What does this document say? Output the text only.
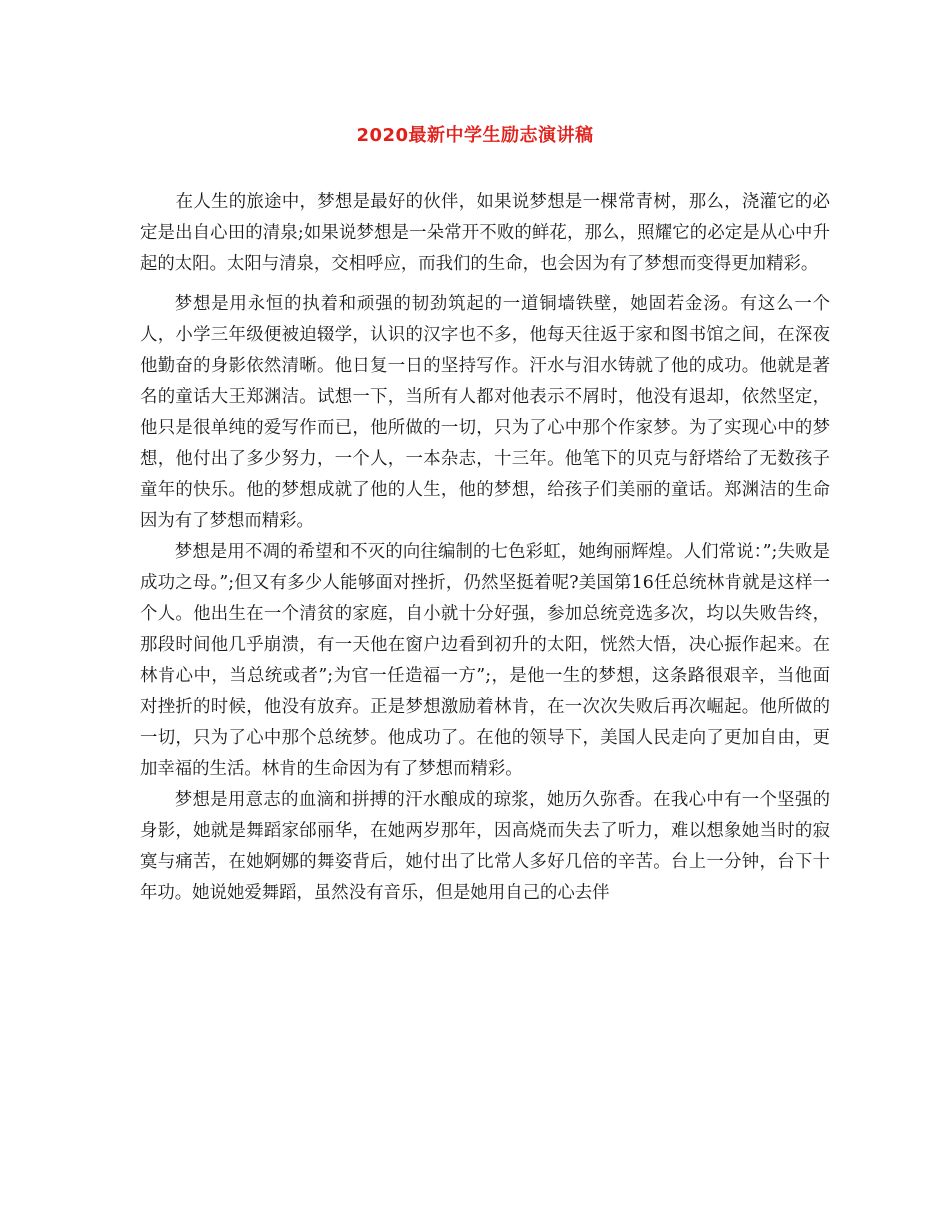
2020最新中学生励志演讲稿

在人生的旅途中，梦想是最好的伙伴，如果说梦想是一棵常青树，那么，浇灌它的必定是出自心田的清泉;如果说梦想是一朵常开不败的鲜花，那么，照耀它的必定是从心中升起的太阳。太阳与清泉，交相呼应，而我们的生命，也会因为有了梦想而变得更加精彩。

梦想是用永恒的执着和顽强的韧劲筑起的一道铜墙铁壁，她固若金汤。有这么一个人，小学三年级便被迫辍学，认识的汉字也不多，他每天往返于家和图书馆之间，在深夜他勤奋的身影依然清晰。他日复一日的坚持写作。汗水与泪水铸就了他的成功。他就是著名的童话大王郑渊洁。试想一下，当所有人都对他表示不屑时，他没有退却，依然坚定，他只是很单纯的爱写作而已，他所做的一切，只为了心中那个作家梦。为了实现心中的梦想，他付出了多少努力，一个人，一本杂志，十三年。他笔下的贝克与舒塔给了无数孩子童年的快乐。他的梦想成就了他的人生，他的梦想，给孩子们美丽的童话。郑渊洁的生命因为有了梦想而精彩。

梦想是用不凋的希望和不灭的向往编制的七色彩虹，她绚丽辉煌。人们常说：”;失败是成功之母。”;但又有多少人能够面对挫折，仍然坚挺着呢?美国第16任总统林肯就是这样一个人。他出生在一个清贫的家庭，自小就十分好强，参加总统竞选多次，均以失败告终，那段时间他几乎崩溃，有一天他在窗户边看到初升的太阳，恍然大悟，决心振作起来。在林肯心中，当总统或者”;为官一任造福一方”;，是他一生的梦想，这条路很艰辛，当他面对挫折的时候，他没有放弃。正是梦想激励着林肯，在一次次失败后再次崛起。他所做的一切，只为了心中那个总统梦。他成功了。在他的领导下，美国人民走向了更加自由，更加幸福的生活。林肯的生命因为有了梦想而精彩。

梦想是用意志的血滴和拼搏的汗水酿成的琼浆，她历久弥香。在我心中有一个坚强的身影，她就是舞蹈家邰丽华，在她两岁那年，因高烧而失去了听力，难以想象她当时的寂寞与痛苦，在她婀娜的舞姿背后，她付出了比常人多好几倍的辛苦。台上一分钟，台下十年功。她说她爱舞蹈，虽然没有音乐，但是她用自己的心去伴
